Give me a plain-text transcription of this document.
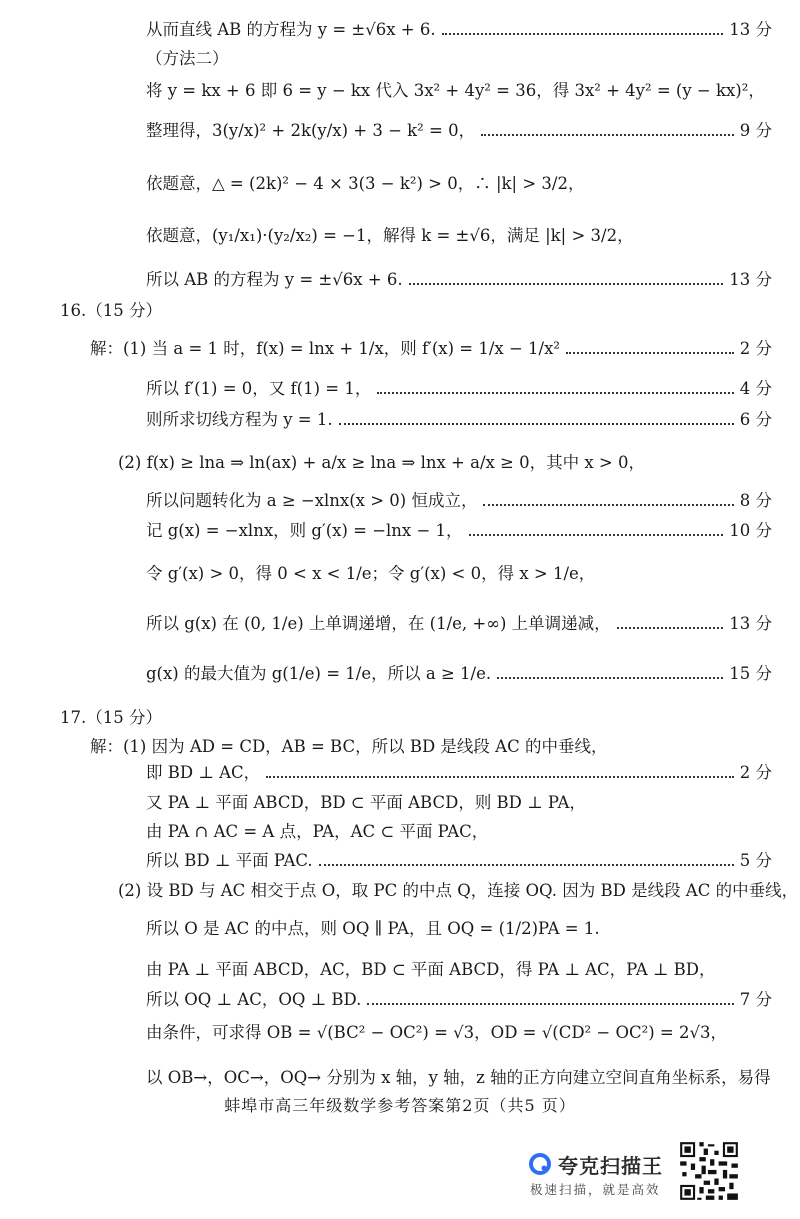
从而直线 AB 的方程为 y = ±√6x + 6.	13 分
（方法二）
将 y = kx + 6 即 6 = y − kx 代入 3x² + 4y² = 36，得 3x² + 4y² = (y − kx)²，
整理得，3(y/x)² + 2k(y/x) + 3 − k² = 0，	9 分
依题意，△ = (2k)² − 4 × 3(3 − k²) > 0，∴ |k| > 3/2，
依题意，(y₁/x₁)·(y₂/x₂) = −1，解得 k = ±√6，满足 |k| > 3/2，
所以 AB 的方程为 y = ±√6x + 6.	13 分
16.（15 分）
解：(1) 当 a = 1 时，f(x) = lnx + 1/x，则 f′(x) = 1/x − 1/x²	2 分
所以 f′(1) = 0，又 f(1) = 1，	4 分
则所求切线方程为 y = 1.	6 分
(2) f(x) ≥ lna ⇒ ln(ax) + a/x ≥ lna ⇒ lnx + a/x ≥ 0，其中 x > 0，
所以问题转化为 a ≥ −xlnx(x > 0) 恒成立，	8 分
记 g(x) = −xlnx，则 g′(x) = −lnx − 1，	10 分
令 g′(x) > 0，得 0 < x < 1/e；令 g′(x) < 0，得 x > 1/e，
所以 g(x) 在 (0, 1/e) 上单调递增，在 (1/e, +∞) 上单调递减，	13 分
g(x) 的最大值为 g(1/e) = 1/e，所以 a ≥ 1/e.	15 分
17.（15 分）
解：(1) 因为 AD = CD，AB = BC，所以 BD 是线段 AC 的中垂线，
即 BD ⊥ AC，	2 分
又 PA ⊥ 平面 ABCD，BD ⊂ 平面 ABCD，则 BD ⊥ PA，
由 PA ∩ AC = A 点，PA，AC ⊂ 平面 PAC，
所以 BD ⊥ 平面 PAC.	5 分
(2) 设 BD 与 AC 相交于点 O，取 PC 的中点 Q，连接 OQ. 因为 BD 是线段 AC 的中垂线，
所以 O 是 AC 的中点，则 OQ ∥ PA，且 OQ = (1/2)PA = 1.
由 PA ⊥ 平面 ABCD，AC，BD ⊂ 平面 ABCD，得 PA ⊥ AC，PA ⊥ BD，
所以 OQ ⊥ AC，OQ ⊥ BD.	7 分
由条件，可求得 OB = √(BC² − OC²) = √3，OD = √(CD² − OC²) = 2√3，
以 OB→，OC→，OQ→ 分别为 x 轴，y 轴，z 轴的正方向建立空间直角坐标系，易得
蚌埠市高三年级数学参考答案第2页（共5 页）
夸克扫描王
极速扫描，就是高效
